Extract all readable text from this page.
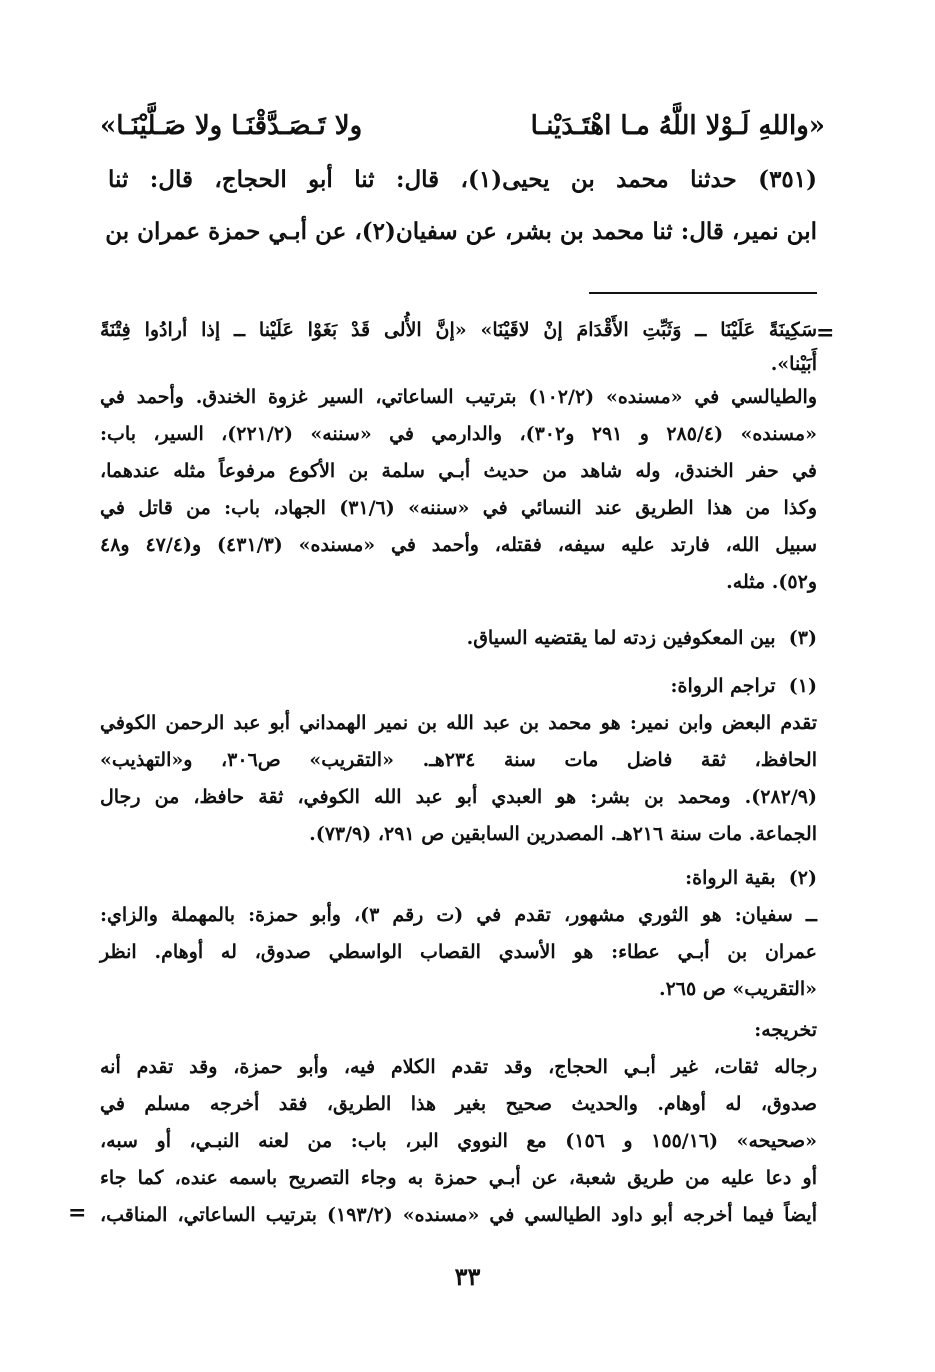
«واللهِ لَـوْلا اللَّهُ مـا اهْتَـدَيْنـا
ولا تَـصَـدَّقْنَـا ولا صَـلَّيْنَـا»
(٣٥١) حدثنا محمد بن يحيى(١)، قال: ثنا أبو الحجاج، قال: ثنا
ابن نمير، قال: ثنا محمد بن بشر، عن سفيان(٢)، عن أبـي حمزة عمران بن
=
سَكِينَةً عَلَيْنَا ــ وَثَبِّتِ الأَقْدَامَ إنْ لاقَيْنَا» «إنَّ الأُلى قَدْ بَغَوْا عَلَيْنا ــ إذا أرادُوا فِتْنَةً
أَبَيْنا».
والطيالسي في «مسنده» (١٠٢/٢) بترتيب الساعاتي، السير غزوة الخندق. وأحمد في
«مسنده» (٢٨٥/٤ و ٢٩١ و٣٠٢)، والدارمي في «سننه» (٢٢١/٢)، السير، باب:
في حفر الخندق، وله شاهد من حديث أبـي سلمة بن الأكوع مرفوعاً مثله عندهما،
وكذا من هذا الطريق عند النسائي في «سننه» (٣١/٦) الجهاد، باب: من قاتل في
سبيل الله، فارتد عليه سيفه، فقتله، وأحمد في «مسنده» (٤٣١/٣) و(٤٧/٤ و٤٨
و٥٢). مثله.
(٣)  بين المعكوفين زدته لما يقتضيه السياق.
(١)  تراجم الرواة:
تقدم البعض وابن نمير: هو محمد بن عبد الله بن نمير الهمداني أبو عبد الرحمن الكوفي
الحافظ، ثقة فاضل مات سنة ٢٣٤هـ. «التقريب» ص٣٠٦، و«التهذيب»
(٢٨٢/٩). ومحمد بن بشر: هو العبدي أبو عبد الله الكوفي، ثقة حافظ، من رجال
الجماعة. مات سنة ٢١٦هـ. المصدرين السابقين ص ٢٩١، (٧٣/٩).
(٢)  بقية الرواة:
ــ سفيان: هو الثوري مشهور، تقدم في (ت رقم ٣)، وأبو حمزة: بالمهملة والزاي:
عمران بن أبـي عطاء: هو الأسدي القصاب الواسطي صدوق، له أوهام. انظر
«التقريب» ص ٢٦٥.
تخريجه:
رجاله ثقات، غير أبـي الحجاج، وقد تقدم الكلام فيه، وأبو حمزة، وقد تقدم أنه
صدوق، له أوهام. والحديث صحيح بغير هذا الطريق، فقد أخرجه مسلم في
«صحيحه» (١٥٥/١٦ و ١٥٦) مع النووي البر، باب: من لعنه النبـي، أو سبه،
أو دعا عليه من طريق شعبة، عن أبـي حمزة به وجاء التصريح باسمه عنده، كما جاء
أيضاً فيما أخرجه أبو داود الطيالسي في «مسنده» (١٩٣/٢) بترتيب الساعاتي، المناقب،
=
٣٣
